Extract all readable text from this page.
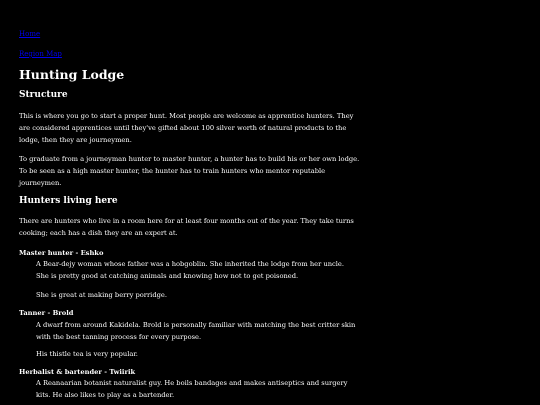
Home
Region Map
Hunting Lodge
Structure

This is where you go to start a proper hunt. Most people are welcome as apprentice hunters. They

are considered apprentices until they've gifted about 100 silver worth of natural products to the

lodge, then they are journeymen.

To graduate from a journeyman hunter to master hunter, a hunter has to build his or her own lodge.

To be seen as a high master hunter, the hunter has to train hunters who mentor reputable

journeymen.

Hunters living here

There are hunters who live in a room here for at least four months out of the year. They take turns

cooking; each has a dish they are an expert at.

Master hunter - Eshko
A Bear-dejy woman whose father was a hobgoblin. She inherited the lodge from her uncle.
She is pretty good at catching animals and knowing how not to get poisoned.
She is great at making berry porridge.
Tanner - Brold
A dwarf from around Kakidela. Brold is personally familiar with matching the best critter skin
with the best tanning process for every purpose.
His thistle tea is very popular.
Herbalist & bartender - Twiirik
A Reanaarian botanist naturalist guy. He boils bandages and makes antiseptics and surgery
kits. He also likes to play as a bartender.
